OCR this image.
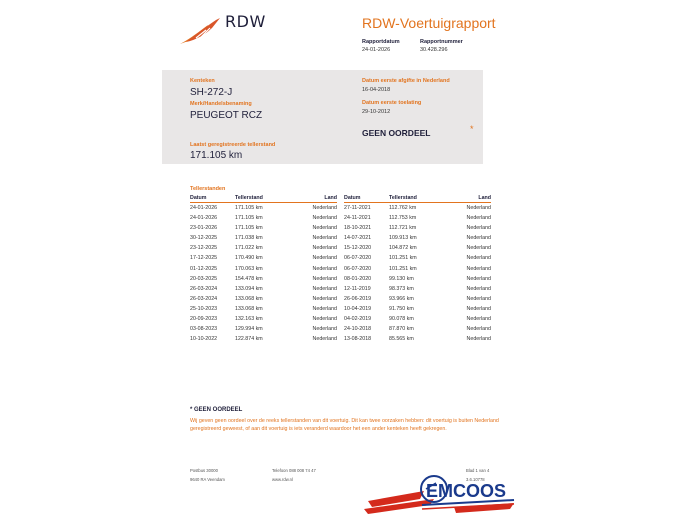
RDW	RDW-Voertuigrapport
Rapportdatum
24-01-2026
Rapportnummer
30.428.296
Kenteken
SH-272-J
Merk/Handelsbenaming
PEUGEOT RCZ
Laatst geregistreerde tellerstand
171.105 km
Datum eerste afgifte in Nederland
16-04-2018
Datum eerste toelating
29-10-2012
GEEN OORDEEL	*
Tellerstanden
Datum	Tellerstand	Land
24-01-2026	171.105 km	Nederland
24-01-2026	171.105 km	Nederland
23-01-2026	171.105 km	Nederland
30-12-2025	171.038 km	Nederland
23-12-2025	171.022 km	Nederland
17-12-2025	170.490 km	Nederland
01-12-2025	170.063 km	Nederland
20-03-2025	154.478 km	Nederland
26-03-2024	133.094 km	Nederland
26-03-2024	133.068 km	Nederland
25-10-2023	133.068 km	Nederland
20-09-2023	132.163 km	Nederland
03-08-2023	129.994 km	Nederland
10-10-2022	122.874 km	Nederland
Datum	Tellerstand	Land
27-11-2021	112.762 km	Nederland
24-11-2021	112.753 km	Nederland
18-10-2021	112.721 km	Nederland
14-07-2021	109.913 km	Nederland
15-12-2020	104.872 km	Nederland
06-07-2020	101.251 km	Nederland
06-07-2020	101.251 km	Nederland
08-01-2020	99.130 km	Nederland
12-11-2019	98.373 km	Nederland
26-06-2019	93.966 km	Nederland
10-04-2019	91.750 km	Nederland
04-02-2019	90.078 km	Nederland
24-10-2018	87.870 km	Nederland
13-08-2018	85.565 km	Nederland
* GEEN OORDEEL
Wij geven geen oordeel over de reeks tellerstanden van dit voertuig. Dit kan twee oorzaken hebben: dit voertuig is buiten Nederland geregistreerd geweest, of aan dit voertuig is iets veranderd waardoor het een ander kenteken heeft gekregen.
Postbus 30000
9640 RA Veendam
Telefoon 088 008 74 47
www.rdw.nl
Blad 1 van 4
3.6.10778
EMCOOS
